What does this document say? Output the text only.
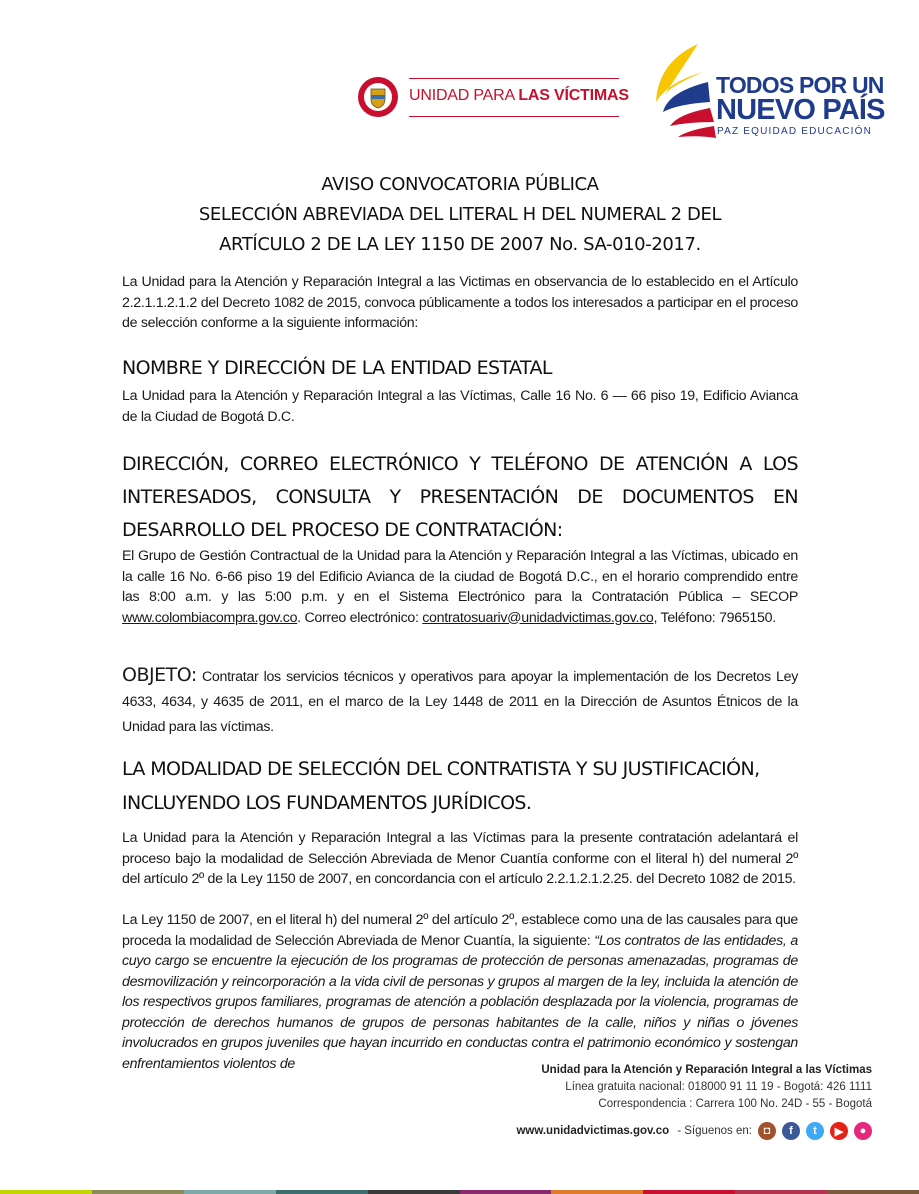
UNIDAD PARA LAS VÍCTIMAS	TODOS POR UN
NUEVO PAÍS
PAZ EQUIDAD EDUCACIÓN
AVISO CONVOCATORIA PÚBLICA
SELECCIÓN ABREVIADA DEL LITERAL H DEL NUMERAL 2 DEL
ARTÍCULO 2 DE LA LEY 1150 DE 2007 No. SA-010-2017.
La Unidad para la Atención y Reparación Integral a las Victimas en observancia de lo establecido en el Artículo 2.2.1.1.2.1.2 del Decreto 1082 de 2015, convoca públicamente a todos los interesados a participar en el proceso de selección conforme a la siguiente información:
NOMBRE Y DIRECCIÓN DE LA ENTIDAD ESTATAL
La Unidad para la Atención y Reparación Integral a las Víctimas, Calle 16 No. 6 — 66 piso 19, Edificio Avianca de la Ciudad de Bogotá D.C.
DIRECCIÓN, CORREO ELECTRÓNICO Y TELÉFONO DE ATENCIÓN A LOS INTERESADOS, CONSULTA Y PRESENTACIÓN DE DOCUMENTOS EN DESARROLLO DEL PROCESO DE CONTRATACIÓN:
El Grupo de Gestión Contractual de la Unidad para la Atención y Reparación Integral a las Víctimas, ubicado en la calle 16 No. 6-66 piso 19 del Edificio Avianca de la ciudad de Bogotá D.C., en el horario comprendido entre las 8:00 a.m. y las 5:00 p.m. y en el Sistema Electrónico para la Contratación Pública – SECOP www.colombiacompra.gov.co. Correo electrónico: contratosuariv@unidadvictimas.gov.co, Teléfono: 7965150.
OBJETO: Contratar los servicios técnicos y operativos para apoyar la implementación de los Decretos Ley 4633, 4634, y 4635 de 2011, en el marco de la Ley 1448 de 2011 en la Dirección de Asuntos Étnicos de la Unidad para las víctimas.
LA MODALIDAD DE SELECCIÓN DEL CONTRATISTA Y SU JUSTIFICACIÓN, INCLUYENDO LOS FUNDAMENTOS JURÍDICOS.
La Unidad para la Atención y Reparación Integral a las Víctimas para la presente contratación adelantará el proceso bajo la modalidad de Selección Abreviada de Menor Cuantía conforme con el literal h) del numeral 2º del artículo 2º de la Ley 1150 de 2007, en concordancia con el artículo 2.2.1.2.1.2.25. del Decreto 1082 de 2015.
La Ley 1150 de 2007, en el literal h) del numeral 2º del artículo 2º, establece como una de las causales para que proceda la modalidad de Selección Abreviada de Menor Cuantía, la siguiente: “Los contratos de las entidades, a cuyo cargo se encuentre la ejecución de los programas de protección de personas amenazadas, programas de desmovilización y reincorporación a la vida civil de personas y grupos al margen de la ley, incluida la atención de los respectivos grupos familiares, programas de atención a población desplazada por la violencia, programas de protección de derechos humanos de grupos de personas habitantes de la calle, niños y niñas o jóvenes involucrados en grupos juveniles que hayan incurrido en conductas contra el patrimonio económico y sostengan enfrentamientos violentos de	Unidad para la Atención y Reparación Integral a las Víctimas
Línea gratuita nacional: 018000 91 11 19 - Bogotá: 426 1111
Correspondencia : Carrera 100 No. 24D - 55 - Bogotá
www.unidadvictimas.gov.co - Síguenos en:	◘	f	t	▶	●
